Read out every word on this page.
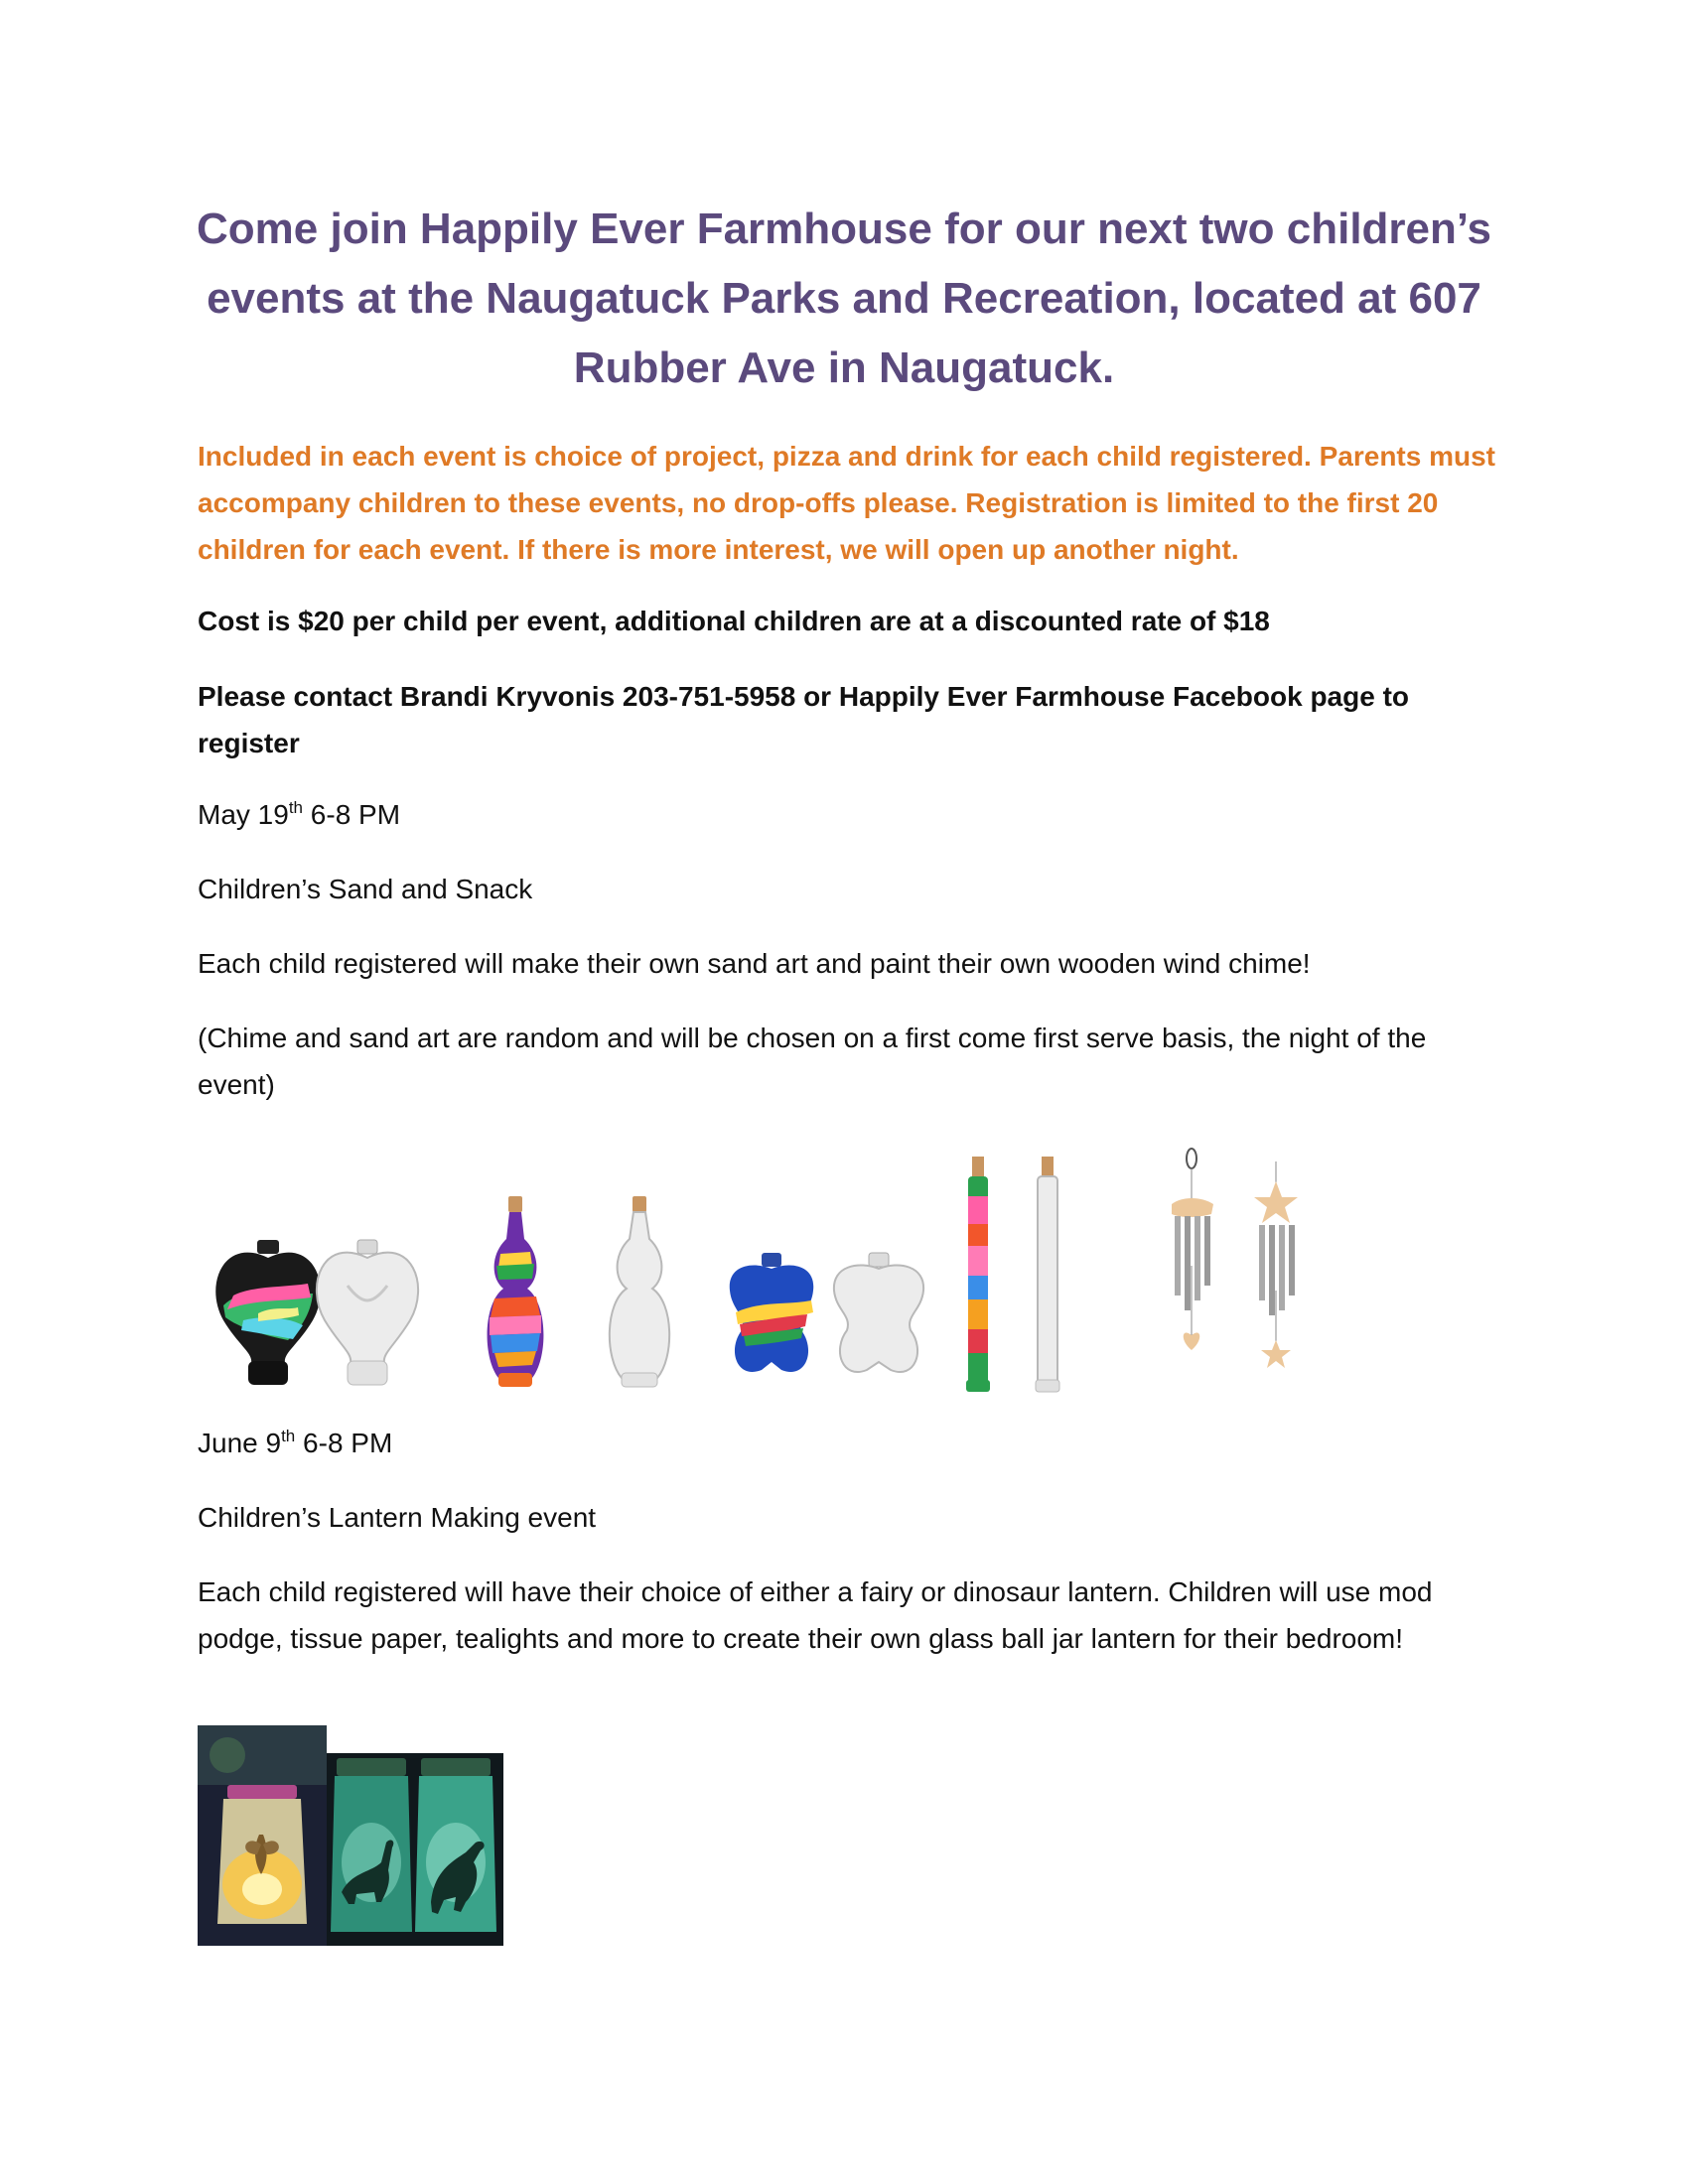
Come join Happily Ever Farmhouse for our next two children’s events at the Naugatuck Parks and Recreation, located at 607 Rubber Ave in Naugatuck.

Included in each event is choice of project, pizza and drink for each child registered. Parents must accompany children to these events, no drop-offs please. Registration is limited to the first 20 children for each event. If there is more interest, we will open up another night.

Cost is $20 per child per event, additional children are at a discounted rate of $18

Please contact Brandi Kryvonis 203-751-5958 or Happily Ever Farmhouse Facebook page to register

May 19th 6-8 PM

Children’s Sand and Snack

Each child registered will make their own sand art and paint their own wooden wind chime!

(Chime and sand art are random and will be chosen on a first come first serve basis, the night of the event)

June 9th 6-8 PM

Children’s Lantern Making event

Each child registered will have their choice of either a fairy or dinosaur lantern. Children will use mod podge, tissue paper, tealights and more to create their own glass ball jar lantern for their bedroom!
